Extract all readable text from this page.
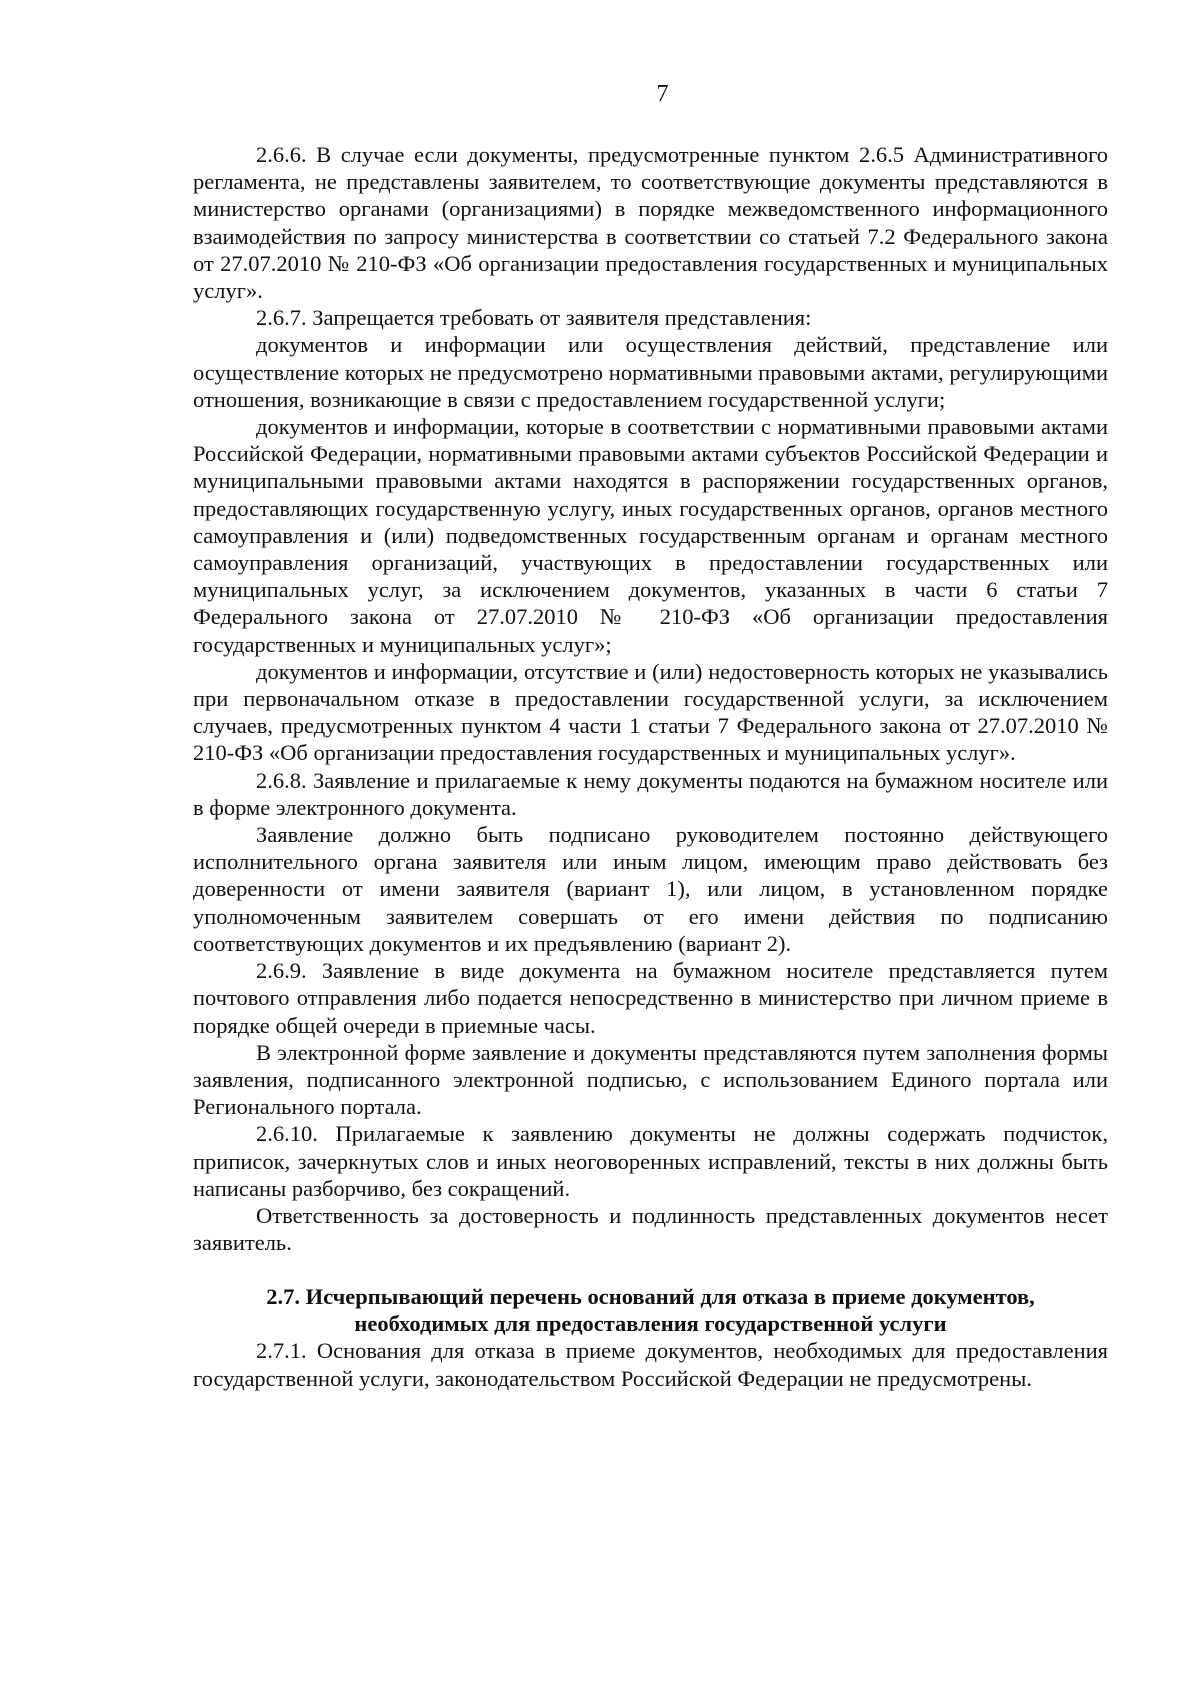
7

2.6.6. В случае если документы, предусмотренные пунктом 2.6.5 Административного регламента, не представлены заявителем, то соответствующие документы представляются в министерство органами (организациями) в порядке межведомственного информационного взаимодействия по запросу министерства в соответствии со статьей 7.2 Федерального закона от 27.07.2010 № 210-ФЗ «Об организации предоставления государственных и муниципальных услуг».

2.6.7. Запрещается требовать от заявителя представления:

документов и информации или осуществления действий, представление или осуществление которых не предусмотрено нормативными правовыми актами, регулирующими отношения, возникающие в связи с предоставлением государственной услуги;

документов и информации, которые в соответствии с нормативными правовыми актами Российской Федерации, нормативными правовыми актами субъектов Российской Федерации и муниципальными правовыми актами находятся в распоряжении государственных органов, предоставляющих государственную услугу, иных государственных органов, органов местного самоуправления и (или) подведомственных государственным органам и органам местного самоуправления организаций, участвующих в предоставлении государственных или муниципальных услуг, за исключением документов, указанных в части 6 статьи 7 Федерального закона от 27.07.2010 № 210-ФЗ «Об организации предоставления государственных и муниципальных услуг»;

документов и информации, отсутствие и (или) недостоверность которых не указывались при первоначальном отказе в предоставлении государственной услуги, за исключением случаев, предусмотренных пунктом 4 части 1 статьи 7 Федерального закона от 27.07.2010 № 210-ФЗ «Об организации предоставления государственных и муниципальных услуг».

2.6.8. Заявление и прилагаемые к нему документы подаются на бумажном носителе или в форме электронного документа.

Заявление должно быть подписано руководителем постоянно действующего исполнительного органа заявителя или иным лицом, имеющим право действовать без доверенности от имени заявителя (вариант 1), или лицом, в установленном порядке уполномоченным заявителем совершать от его имени действия по подписанию соответствующих документов и их предъявлению (вариант 2).

2.6.9. Заявление в виде документа на бумажном носителе представляется путем почтового отправления либо подается непосредственно в министерство при личном приеме в порядке общей очереди в приемные часы.

В электронной форме заявление и документы представляются путем заполнения формы заявления, подписанного электронной подписью, с использованием Единого портала или Регионального портала.

2.6.10. Прилагаемые к заявлению документы не должны содержать подчисток, приписок, зачеркнутых слов и иных неоговоренных исправлений, тексты в них должны быть написаны разборчиво, без сокращений.

Ответственность за достоверность и подлинность представленных документов несет заявитель.

2.7. Исчерпывающий перечень оснований для отказа в приеме документов,
необходимых для предоставления государственной услуги

2.7.1. Основания для отказа в приеме документов, необходимых для предоставления государственной услуги, законодательством Российской Федерации не предусмотрены.
